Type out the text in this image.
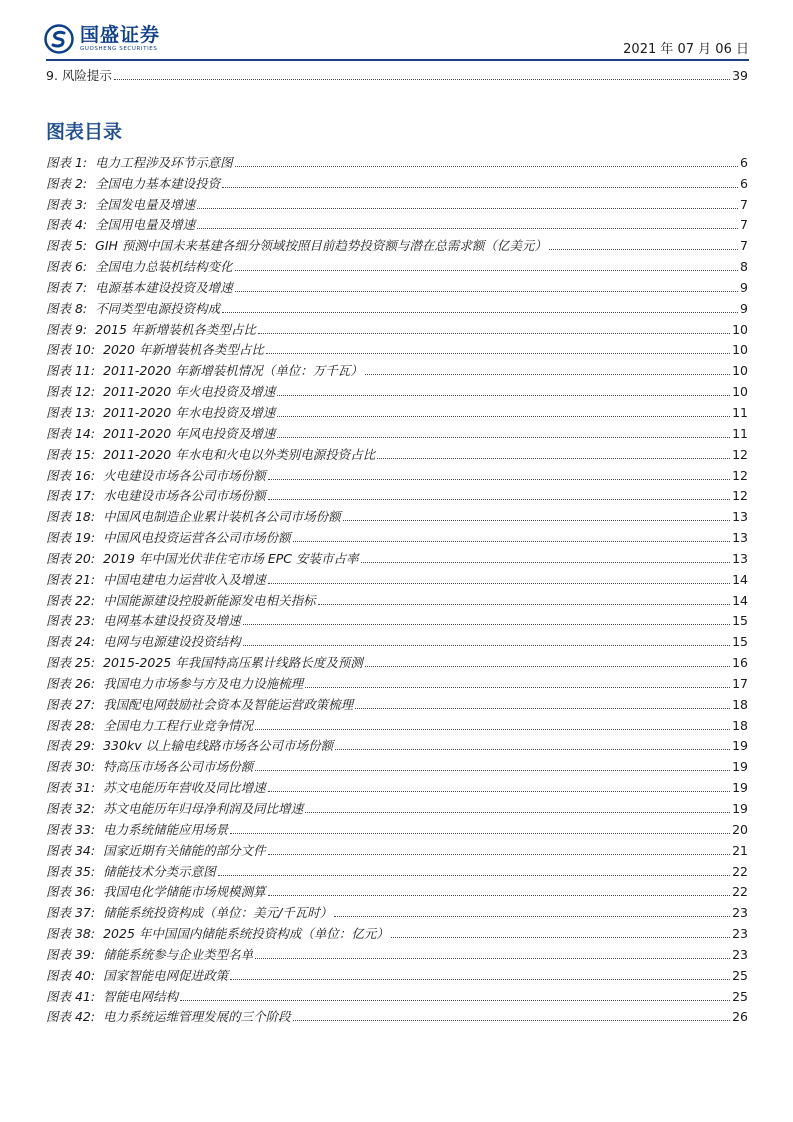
国盛证券
GUOSHENG SECURITIES	2021 年 07 月 06 日
9. 风险提示	39
图表目录
图表 1: 电力工程涉及环节示意图	6
图表 2: 全国电力基本建设投资	6
图表 3: 全国发电量及增速	7
图表 4: 全国用电量及增速	7
图表 5: GIH 预测中国未来基建各细分领域按照目前趋势投资额与潜在总需求额（亿美元）	7
图表 6: 全国电力总装机结构变化	8
图表 7: 电源基本建设投资及增速	9
图表 8: 不同类型电源投资构成	9
图表 9: 2015 年新增装机各类型占比	10
图表 10: 2020 年新增装机各类型占比	10
图表 11: 2011-2020 年新增装机情况（单位：万千瓦）	10
图表 12: 2011-2020 年火电投资及增速	10
图表 13: 2011-2020 年水电投资及增速	11
图表 14: 2011-2020 年风电投资及增速	11
图表 15: 2011-2020 年水电和火电以外类别电源投资占比	12
图表 16: 火电建设市场各公司市场份额	12
图表 17: 水电建设市场各公司市场份额	12
图表 18: 中国风电制造企业累计装机各公司市场份额	13
图表 19: 中国风电投资运营各公司市场份额	13
图表 20: 2019 年中国光伏非住宅市场 EPC 安装市占率	13
图表 21: 中国电建电力运营收入及增速	14
图表 22: 中国能源建设控股新能源发电相关指标	14
图表 23: 电网基本建设投资及增速	15
图表 24: 电网与电源建设投资结构	15
图表 25: 2015-2025 年我国特高压累计线路长度及预测	16
图表 26: 我国电力市场参与方及电力设施梳理	17
图表 27: 我国配电网鼓励社会资本及智能运营政策梳理	18
图表 28: 全国电力工程行业竞争情况	18
图表 29: 330kv 以上输电线路市场各公司市场份额	19
图表 30: 特高压市场各公司市场份额	19
图表 31: 苏文电能历年营收及同比增速	19
图表 32: 苏文电能历年归母净利润及同比增速	19
图表 33: 电力系统储能应用场景	20
图表 34: 国家近期有关储能的部分文件	21
图表 35: 储能技术分类示意图	22
图表 36: 我国电化学储能市场规模测算	22
图表 37: 储能系统投资构成（单位：美元/千瓦时）	23
图表 38: 2025 年中国国内储能系统投资构成（单位：亿元）	23
图表 39: 储能系统参与企业类型名单	23
图表 40: 国家智能电网促进政策	25
图表 41: 智能电网结构	25
图表 42: 电力系统运维管理发展的三个阶段	26
